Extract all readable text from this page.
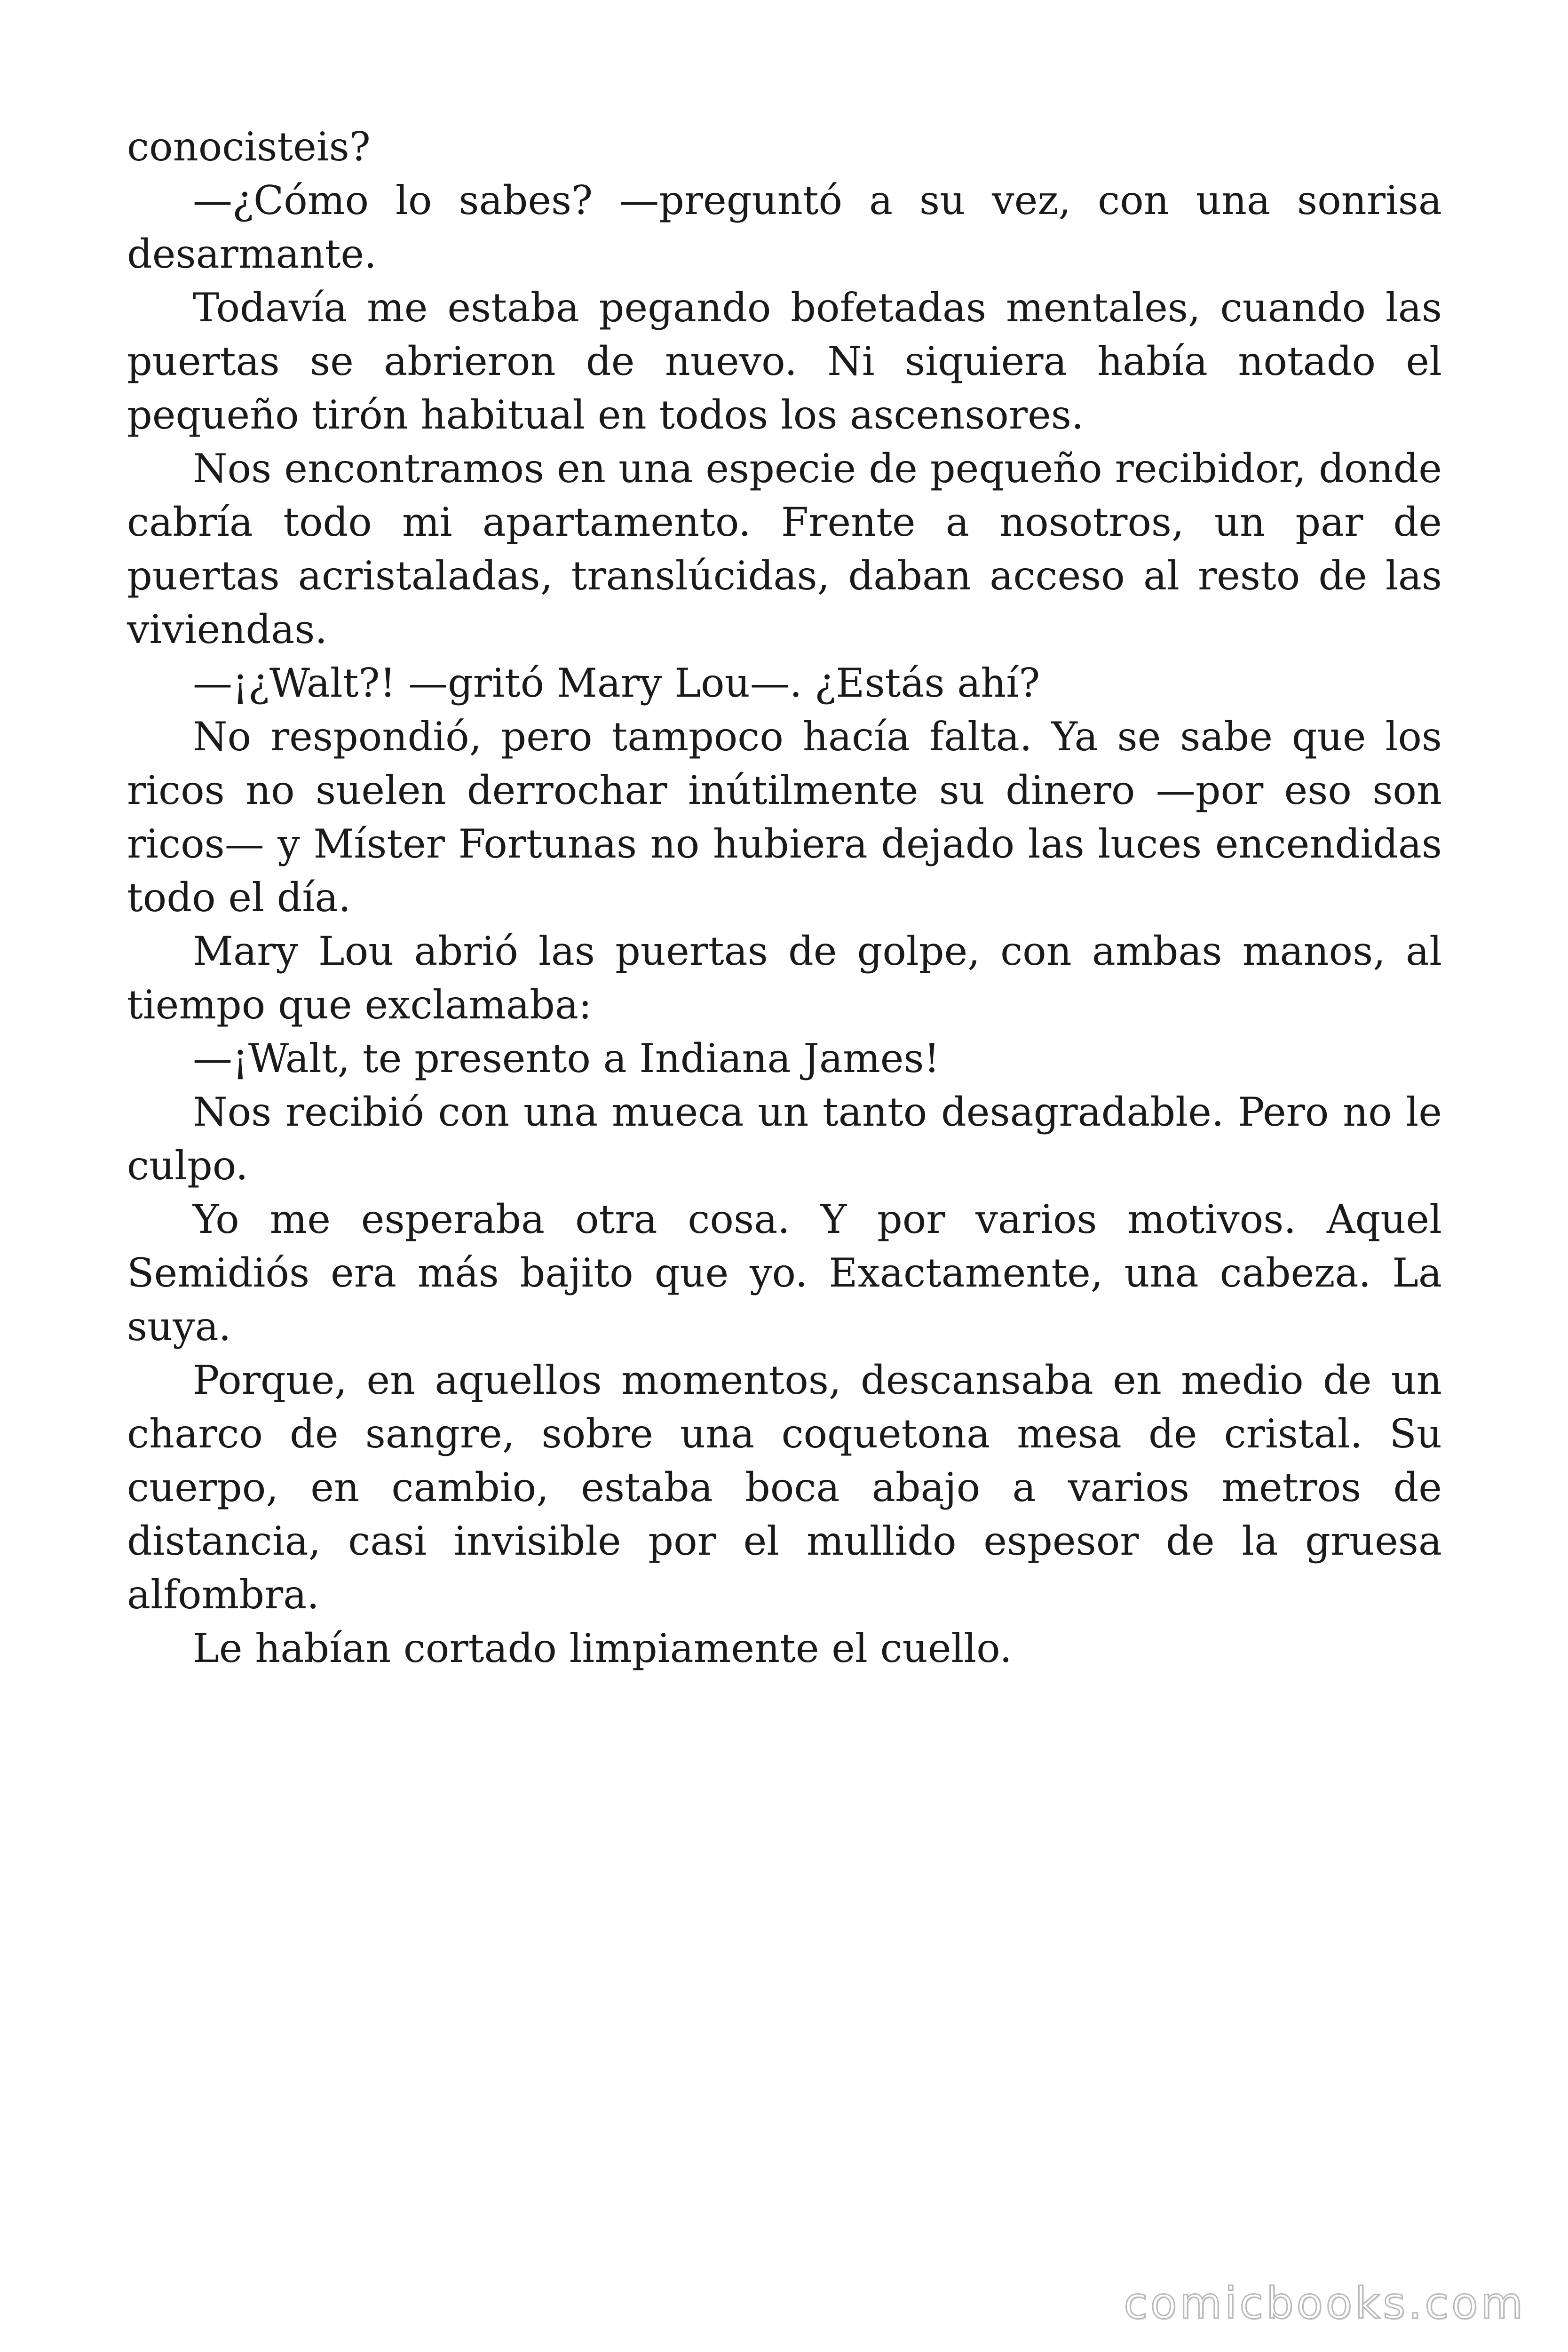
conocisteis?

—¿Cómo lo sabes? —preguntó a su vez, con una sonrisa desarmante.

Todavía me estaba pegando bofetadas mentales, cuando las puertas se abrieron de nuevo. Ni siquiera había notado el pequeño tirón habitual en todos los ascensores.

Nos encontramos en una especie de pequeño recibidor, donde cabría todo mi apartamento. Frente a nosotros, un par de puertas acristaladas, translúcidas, daban acceso al resto de las viviendas.

—¡¿Walt?! —gritó Mary Lou—. ¿Estás ahí?

No respondió, pero tampoco hacía falta. Ya se sabe que los ricos no suelen derrochar inútilmente su dinero —por eso son ricos— y Míster Fortunas no hubiera dejado las luces encendidas todo el día.

Mary Lou abrió las puertas de golpe, con ambas manos, al tiempo que exclamaba:

—¡Walt, te presento a Indiana James!

Nos recibió con una mueca un tanto desagradable. Pero no le culpo.

Yo me esperaba otra cosa. Y por varios motivos. Aquel Semidiós era más bajito que yo. Exactamente, una cabeza. La suya.

Porque, en aquellos momentos, descansaba en medio de un charco de sangre, sobre una coquetona mesa de cristal. Su cuerpo, en cambio, estaba boca abajo a varios metros de distancia, casi invisible por el mullido espesor de la gruesa alfombra.

Le habían cortado limpiamente el cuello.

comicbooks.com
